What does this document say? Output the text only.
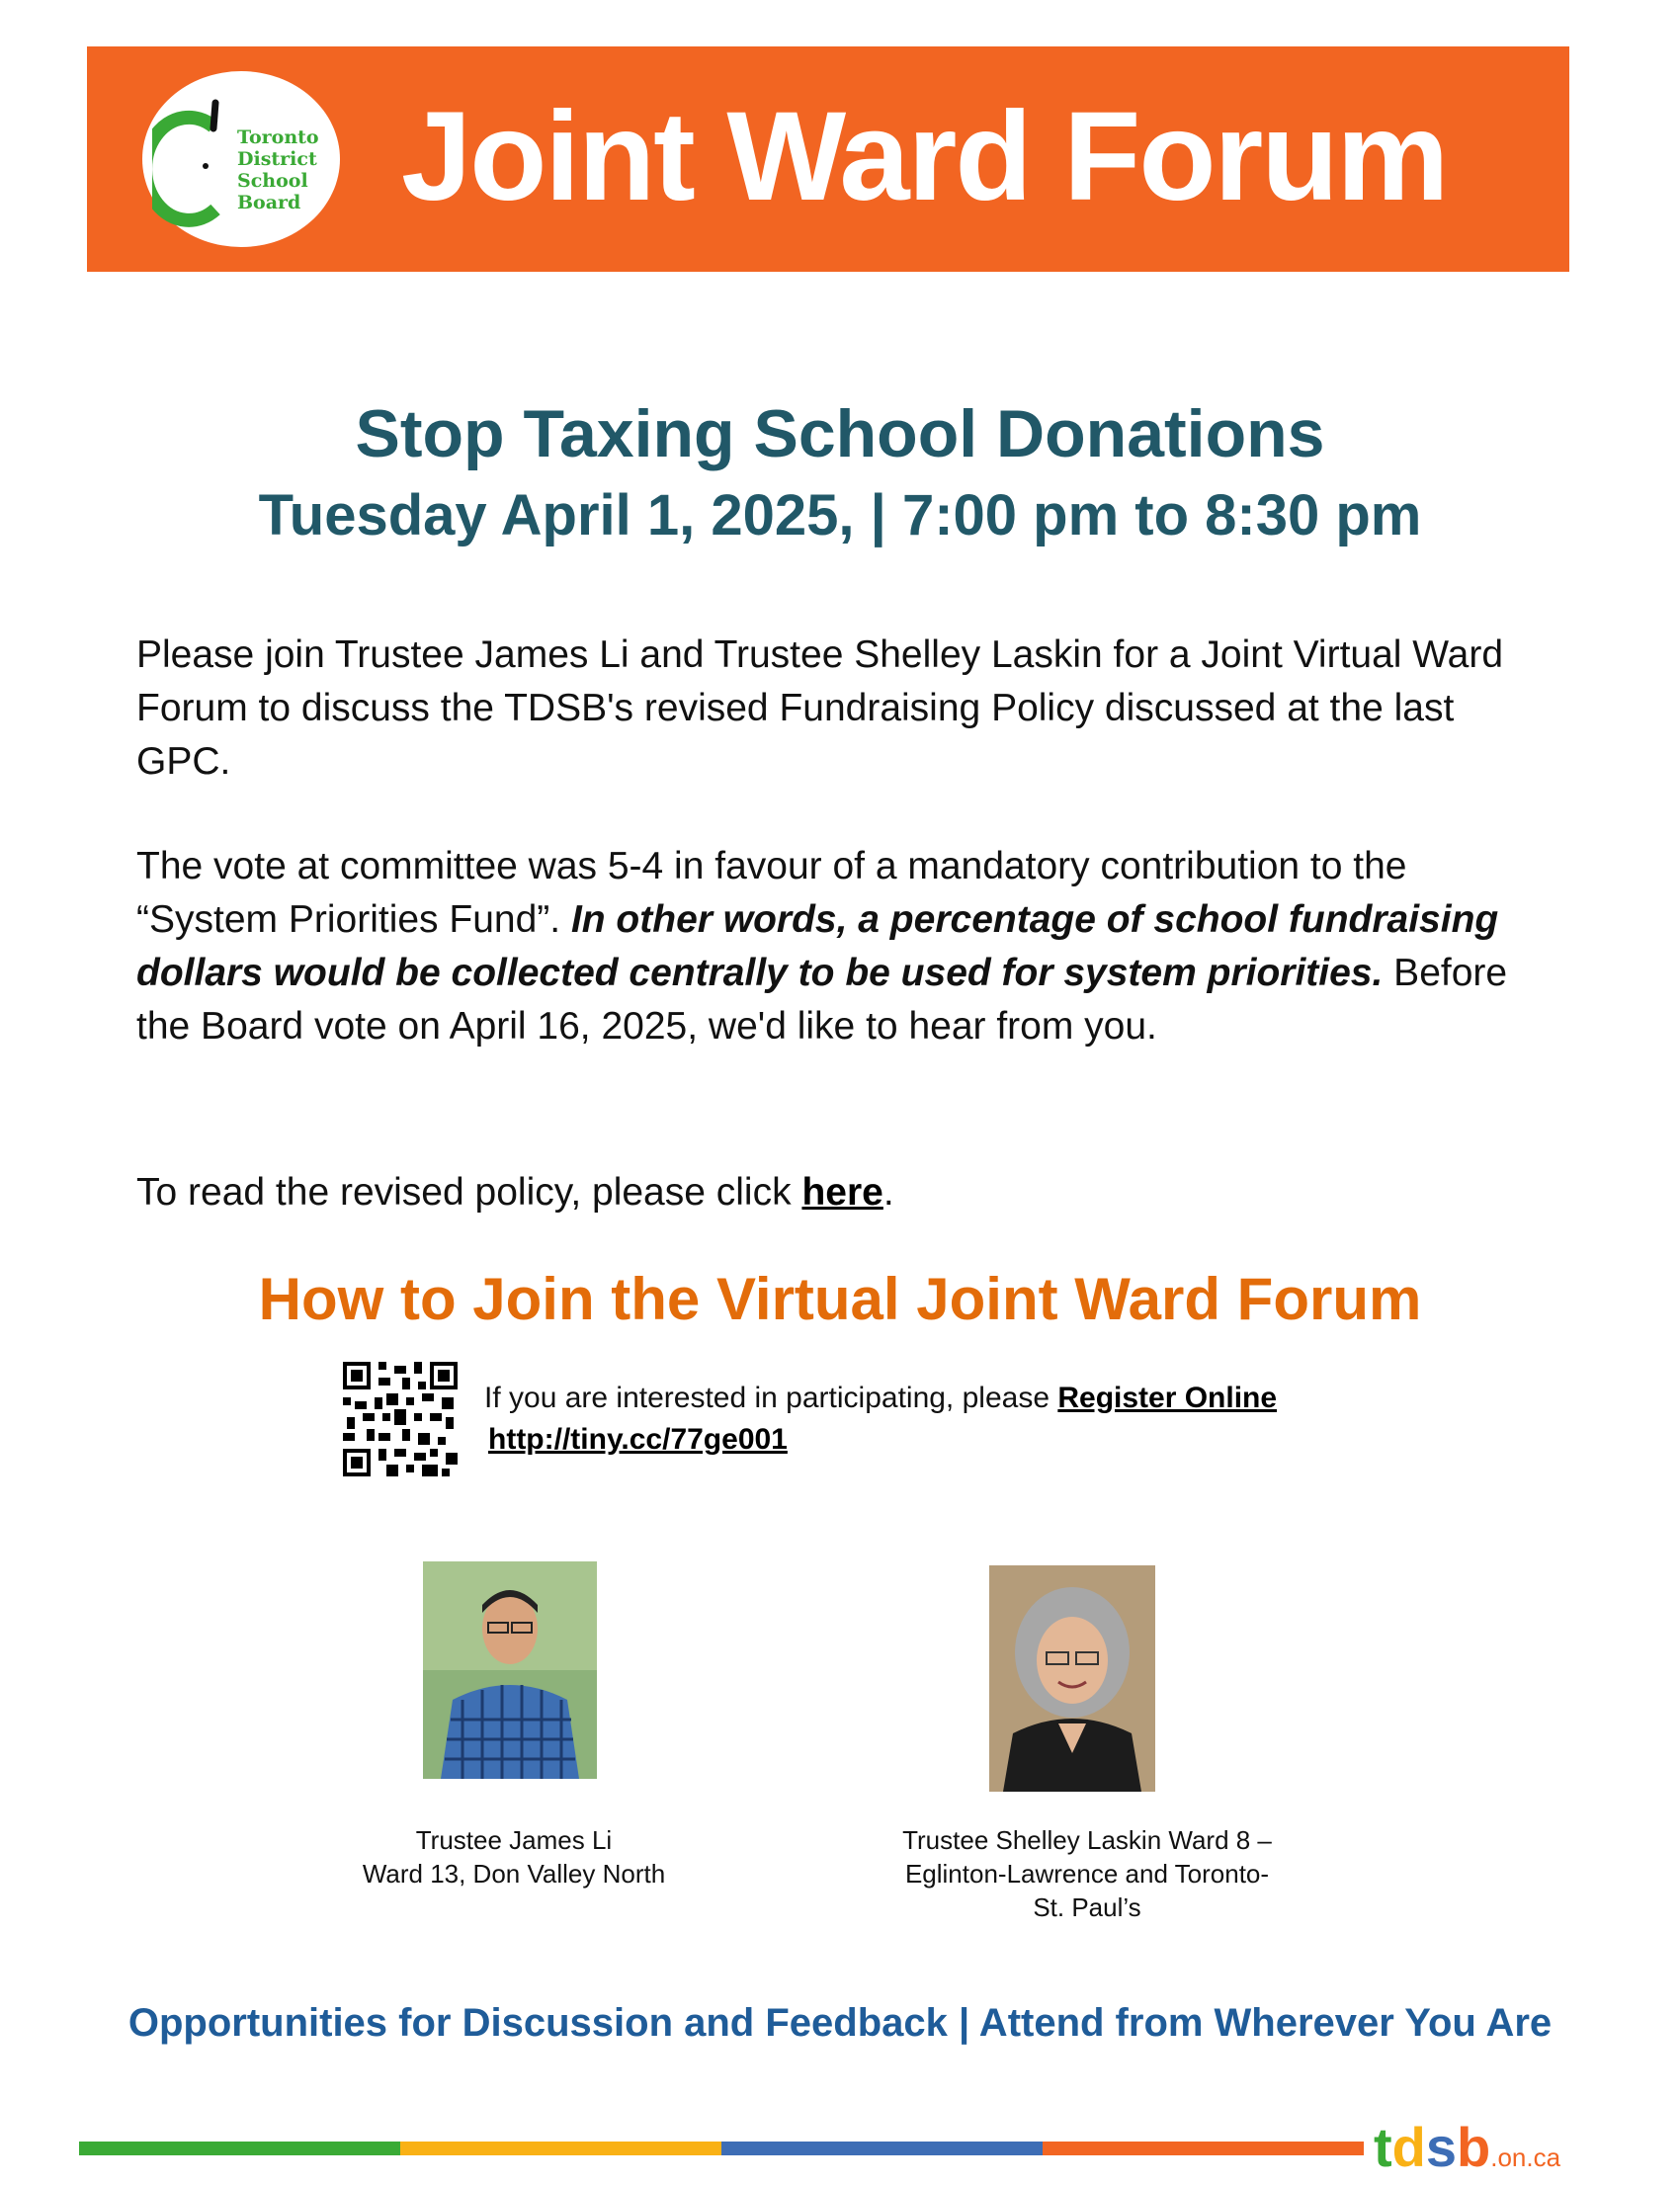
Toronto
District
School
Board Joint Ward Forum
Stop Taxing School Donations
Tuesday April 1, 2025, | 7:00 pm to 8:30 pm
Please join Trustee James Li and Trustee Shelley Laskin for a Joint Virtual Ward Forum to discuss the TDSB's revised Fundraising Policy discussed at the last GPC.
The vote at committee was 5-4 in favour of a mandatory contribution to the “System Priorities Fund”. In other words, a percentage of school fundraising dollars would be collected centrally to be used for system priorities. Before the Board vote on April 16, 2025, we'd like to hear from you.
To read the revised policy, please click here.
How to Join the Virtual Joint Ward Forum
If you are interested in participating, please Register Online
http://tiny.cc/77ge001
Trustee James Li
Ward 13, Don Valley North
Trustee Shelley Laskin Ward 8 –
Eglinton-Lawrence and Toronto-
St. Paul’s
Opportunities for Discussion and Feedback | Attend from Wherever You Are
tdsb.on.ca
